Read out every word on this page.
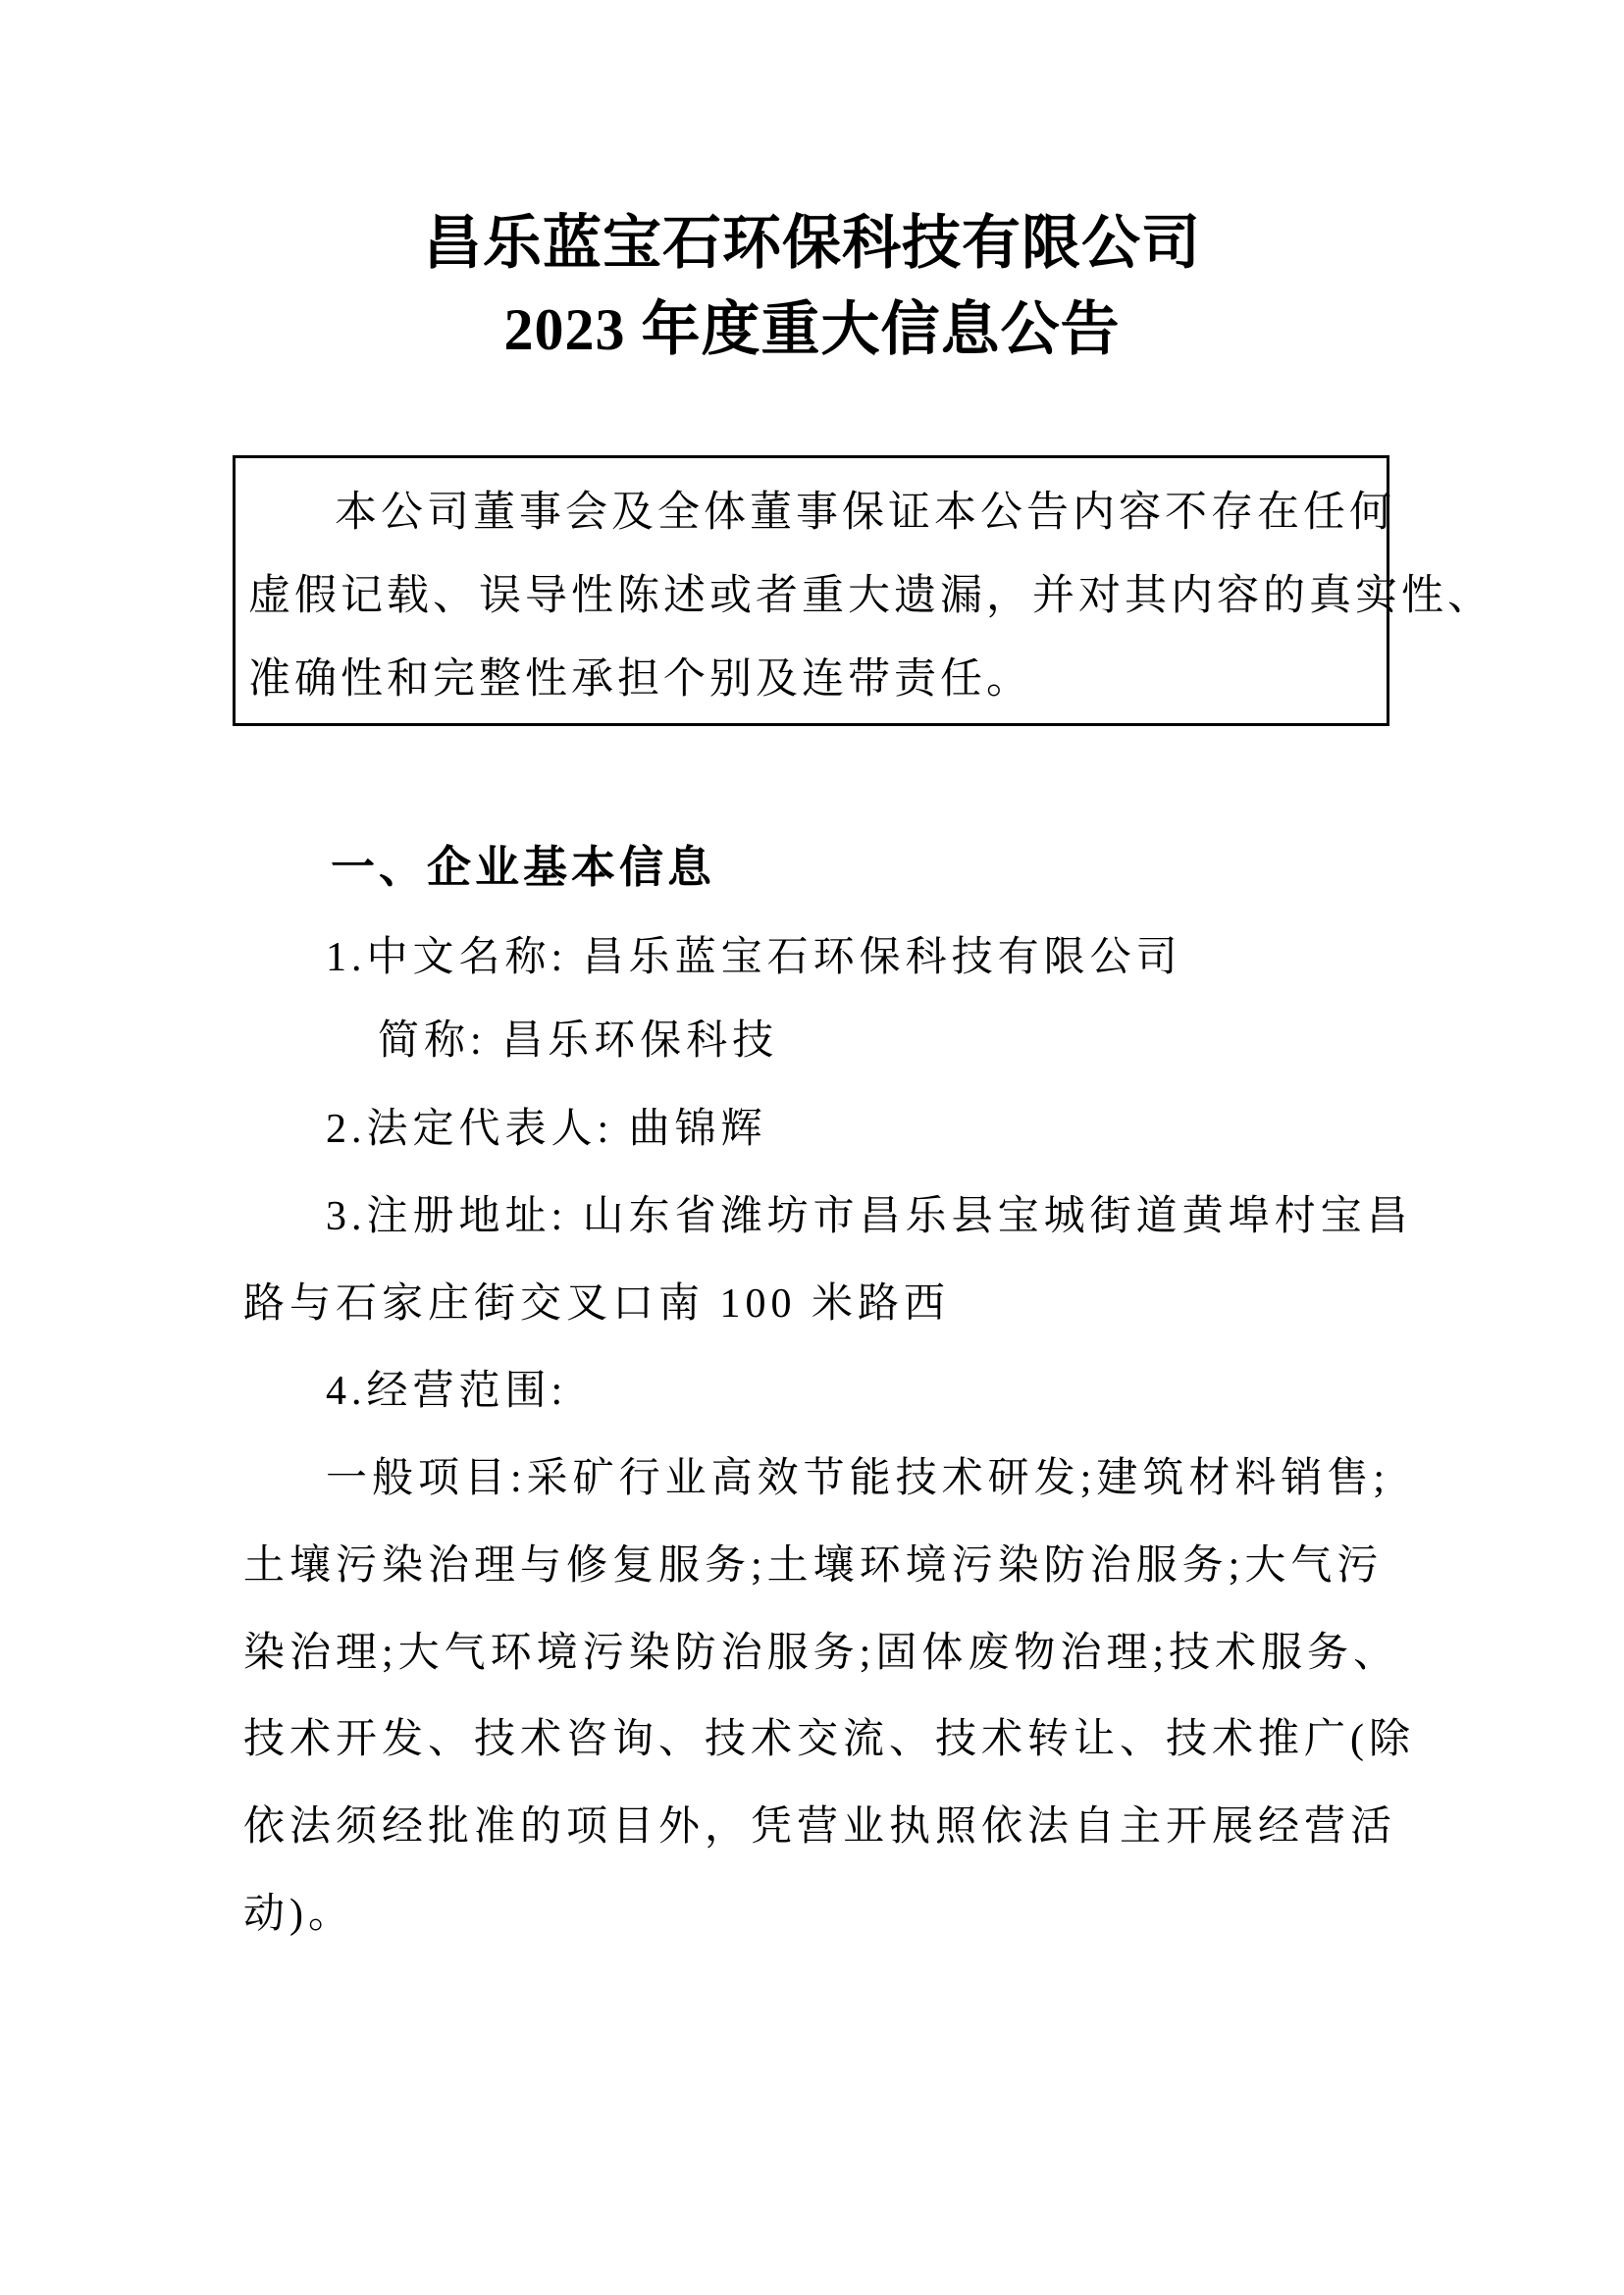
昌乐蓝宝石环保科技有限公司
2023 年度重大信息公告
本公司董事会及全体董事保证本公告内容不存在任何
虚假记载、误导性陈述或者重大遗漏，并对其内容的真实性、
准确性和完整性承担个别及连带责任。
一、企业基本信息
1.中文名称: 昌乐蓝宝石环保科技有限公司
简称: 昌乐环保科技
2.法定代表人: 曲锦辉
3.注册地址: 山东省潍坊市昌乐县宝城街道黄埠村宝昌
路与石家庄街交叉口南 100 米路西
4.经营范围:
一般项目:采矿行业高效节能技术研发;建筑材料销售;
土壤污染治理与修复服务;土壤环境污染防治服务;大气污
染治理;大气环境污染防治服务;固体废物治理;技术服务、
技术开发、技术咨询、技术交流、技术转让、技术推广(除
依法须经批准的项目外，凭营业执照依法自主开展经营活
动)。
